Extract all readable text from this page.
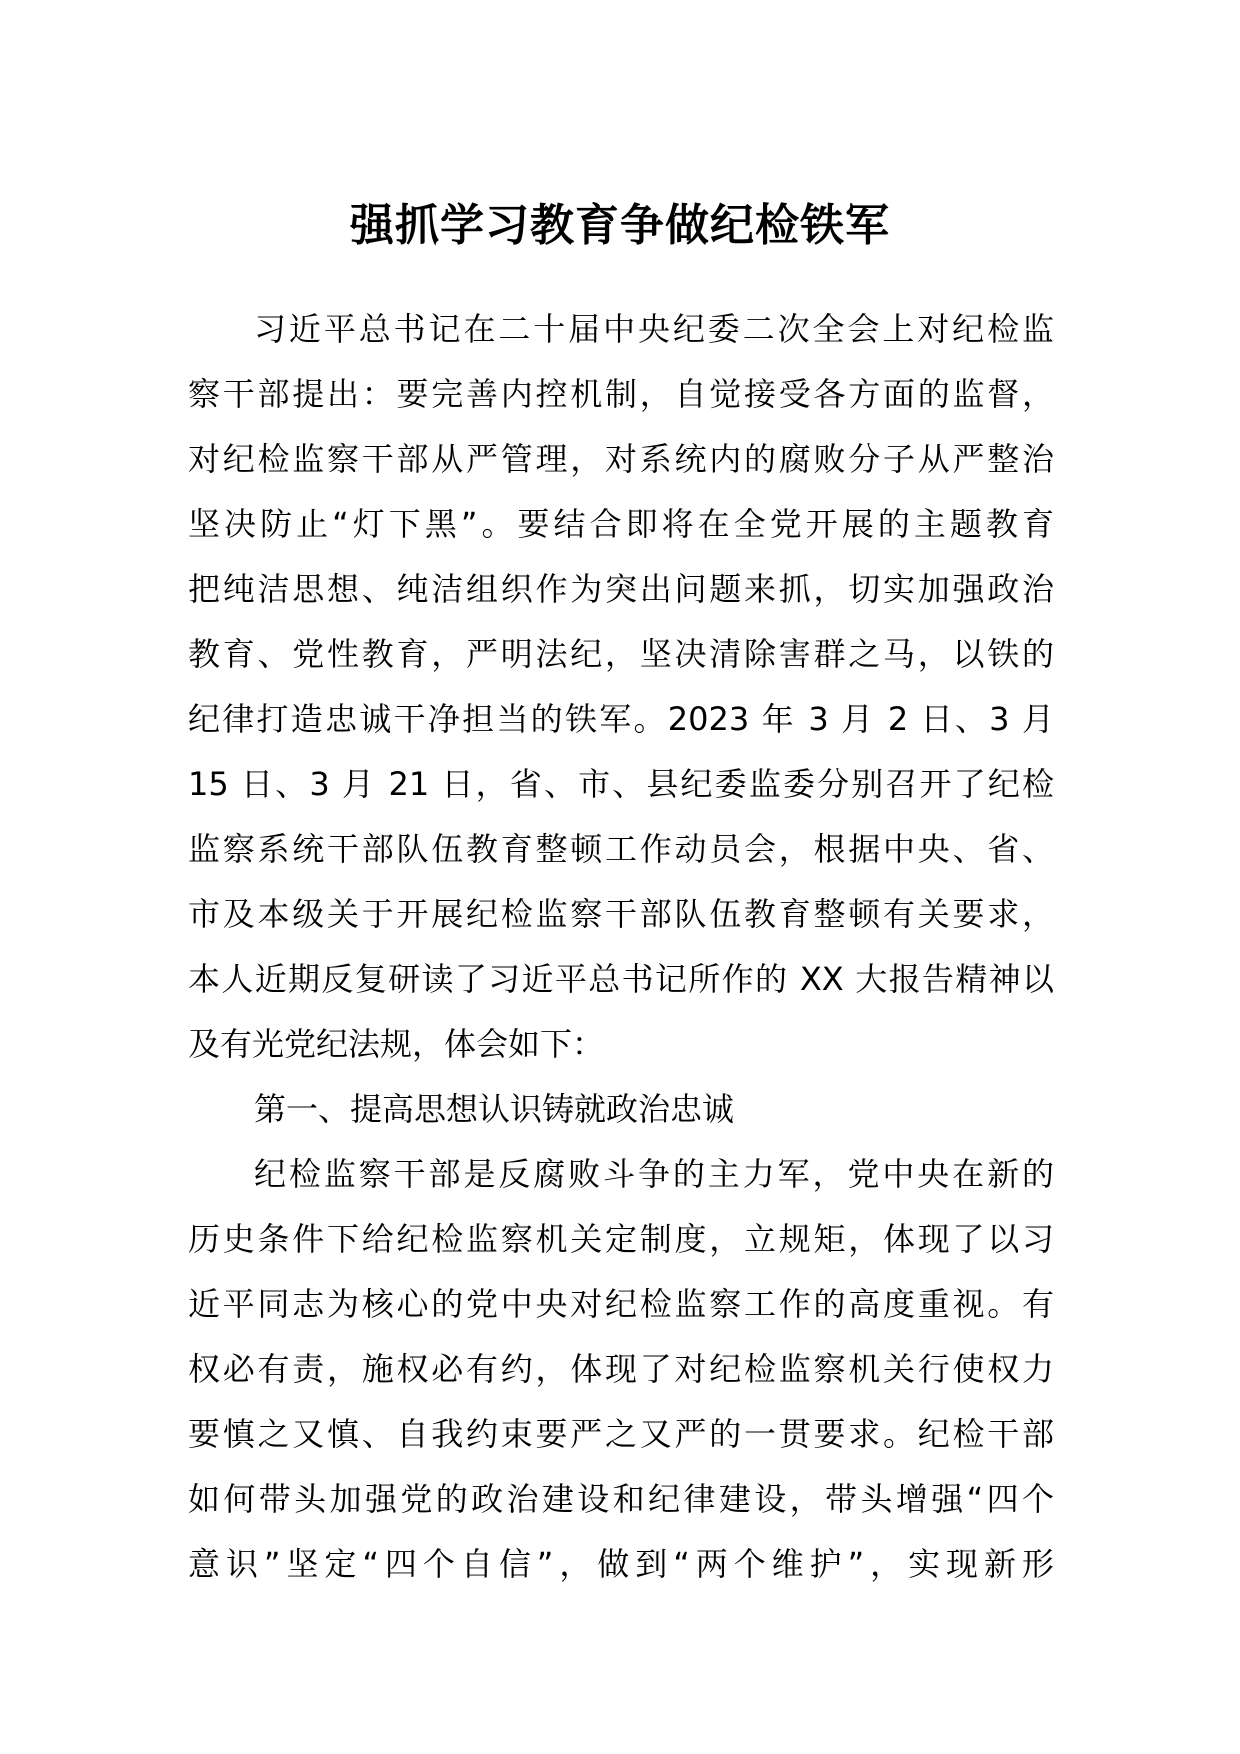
强抓学习教育争做纪检铁军
习近平总书记在二十届中央纪委二次全会上对纪检监
察干部提出：要完善内控机制，自觉接受各方面的监督，
对纪检监察干部从严管理，对系统内的腐败分子从严整治
坚决防止“灯下黑”。要结合即将在全党开展的主题教育
把纯洁思想、纯洁组织作为突出问题来抓，切实加强政治
教育、党性教育，严明法纪，坚决清除害群之马，以铁的
纪律打造忠诚干净担当的铁军。2023 年 3 月 2 日、3 月
15 日、3 月 21 日，省、市、县纪委监委分别召开了纪检
监察系统干部队伍教育整顿工作动员会，根据中央、省、
市及本级关于开展纪检监察干部队伍教育整顿有关要求，
本人近期反复研读了习近平总书记所作的 XX 大报告精神以
及有光党纪法规，体会如下：
第一、提高思想认识铸就政治忠诚
纪检监察干部是反腐败斗争的主力军，党中央在新的
历史条件下给纪检监察机关定制度，立规矩，体现了以习
近平同志为核心的党中央对纪检监察工作的高度重视。有
权必有责，施权必有约，体现了对纪检监察机关行使权力
要慎之又慎、自我约束要严之又严的一贯要求。纪检干部
如何带头加强党的政治建设和纪律建设，带头增强“四个
意识”坚定“四个自信”，做到“两个维护”，实现新形
